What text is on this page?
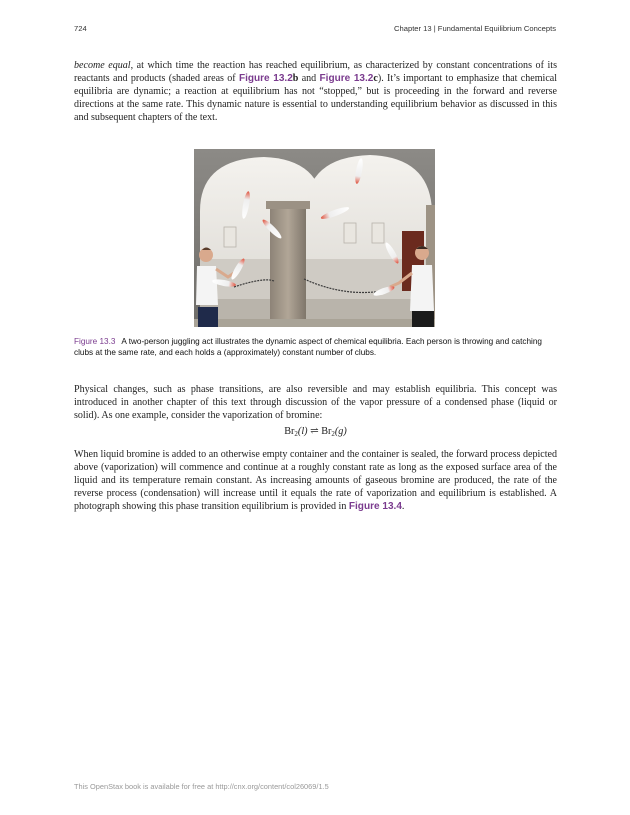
724	Chapter 13 | Fundamental Equilibrium Concepts

become equal, at which time the reaction has reached equilibrium, as characterized by constant concentrations of its reactants and products (shaded areas of Figure 13.2b and Figure 13.2c). It’s important to emphasize that chemical equilibria are dynamic; a reaction at equilibrium has not “stopped,” but is proceeding in the forward and reverse directions at the same rate. This dynamic nature is essential to understanding equilibrium behavior as discussed in this and subsequent chapters of the text.

Figure 13.3 A two-person juggling act illustrates the dynamic aspect of chemical equilibria. Each person is throwing and catching clubs at the same rate, and each holds a (approximately) constant number of clubs.

Physical changes, such as phase transitions, are also reversible and may establish equilibria. This concept was introduced in another chapter of this text through discussion of the vapor pressure of a condensed phase (liquid or solid). As one example, consider the vaporization of bromine:

$Br_2(l)$ ⇌ $Br_2(g)$

When liquid bromine is added to an otherwise empty container and the container is sealed, the forward process depicted above (vaporization) will commence and continue at a roughly constant rate as long as the exposed surface area of the liquid and its temperature remain constant. As increasing amounts of gaseous bromine are produced, the rate of the reverse process (condensation) will increase until it equals the rate of vaporization and equilibrium is established. A photograph showing this phase transition equilibrium is provided in Figure 13.4.

This OpenStax book is available for free at http://cnx.org/content/col26069/1.5
